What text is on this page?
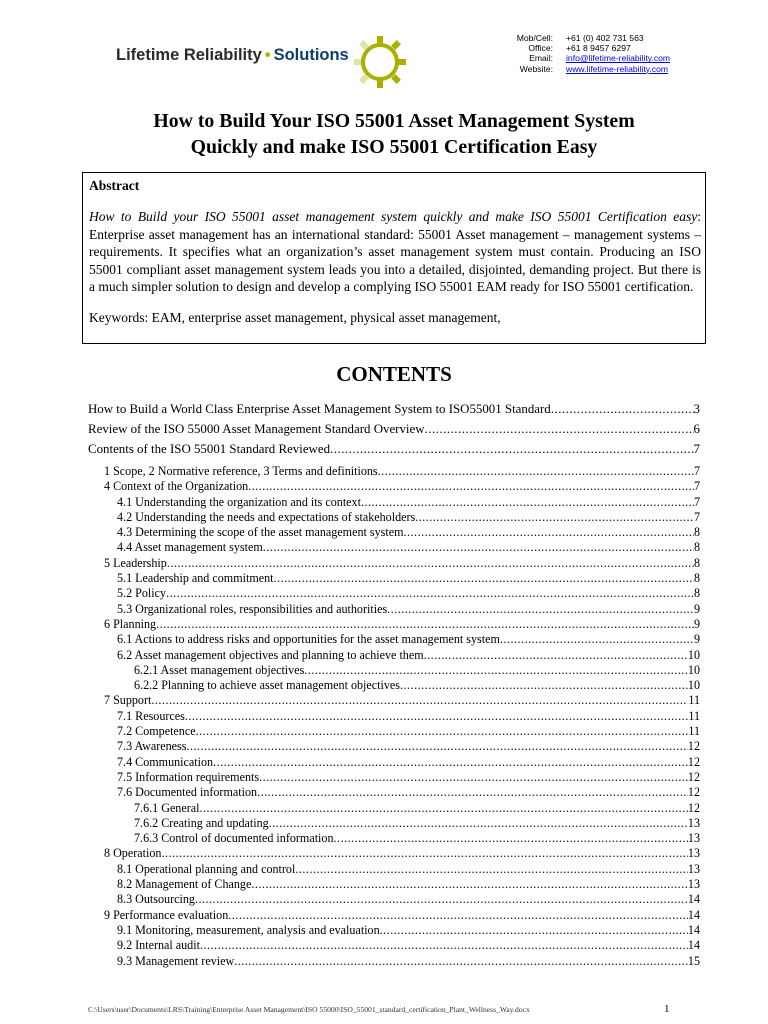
Lifetime Reliability • Solutions
Mob/Cell:	+61 (0) 402 731 563
Office:	+61 8 9457 6297
Email:	info@lifetime-reliability.com
Website:	www.lifetime-reliability.com
How to Build Your ISO 55001 Asset Management System
Quickly and make ISO 55001 Certification Easy
Abstract
How to Build your ISO 55001 asset management system quickly and make ISO 55001 Certification easy: Enterprise asset management has an international standard: 55001 Asset management – management systems – requirements. It specifies what an organization’s asset management system must contain. Producing an ISO 55001 compliant asset management system leads you into a detailed, disjointed, demanding project. But there is a much simpler solution to design and develop a complying ISO 55001 EAM ready for ISO 55001 certification.
Keywords: EAM, enterprise asset management, physical asset management,
CONTENTS
How to Build a World Class Enterprise Asset Management System to ISO55001 Standard .....	3
Review of the ISO 55000 Asset Management Standard Overview .....	6
Contents of the ISO 55001 Standard Reviewed .....	7
1 Scope, 2 Normative reference, 3 Terms and definitions .....	7
4 Context of the Organization .....	7
4.1 Understanding the organization and its context .....	7
4.2 Understanding the needs and expectations of stakeholders .....	7
4.3 Determining the scope of the asset management system .....	8
4.4 Asset management system .....	8
5 Leadership .....	8
5.1 Leadership and commitment .....	8
5.2 Policy .....	8
5.3 Organizational roles, responsibilities and authorities .....	9
6 Planning .....	9
6.1 Actions to address risks and opportunities for the asset management system .....	9
6.2 Asset management objectives and planning to achieve them .....	10
6.2.1 Asset management objectives .....	10
6.2.2 Planning to achieve asset management objectives .....	10
7 Support .....	11
7.1 Resources .....	11
7.2 Competence .....	11
7.3 Awareness .....	12
7.4 Communication .....	12
7.5 Information requirements .....	12
7.6 Documented information .....	12
7.6.1 General .....	12
7.6.2 Creating and updating .....	13
7.6.3 Control of documented information .....	13
8 Operation .....	13
8.1 Operational planning and control .....	13
8.2 Management of Change .....	13
8.3 Outsourcing .....	14
9 Performance evaluation .....	14
9.1 Monitoring, measurement, analysis and evaluation .....	14
9.2 Internal audit .....	14
9.3 Management review .....	15
C:\Users\user\Documents\LRS\Training\Enterprise Asset Management\ISO 55000\ISO_55001_standard_certification_Plant_Wellness_Way.docx	1
